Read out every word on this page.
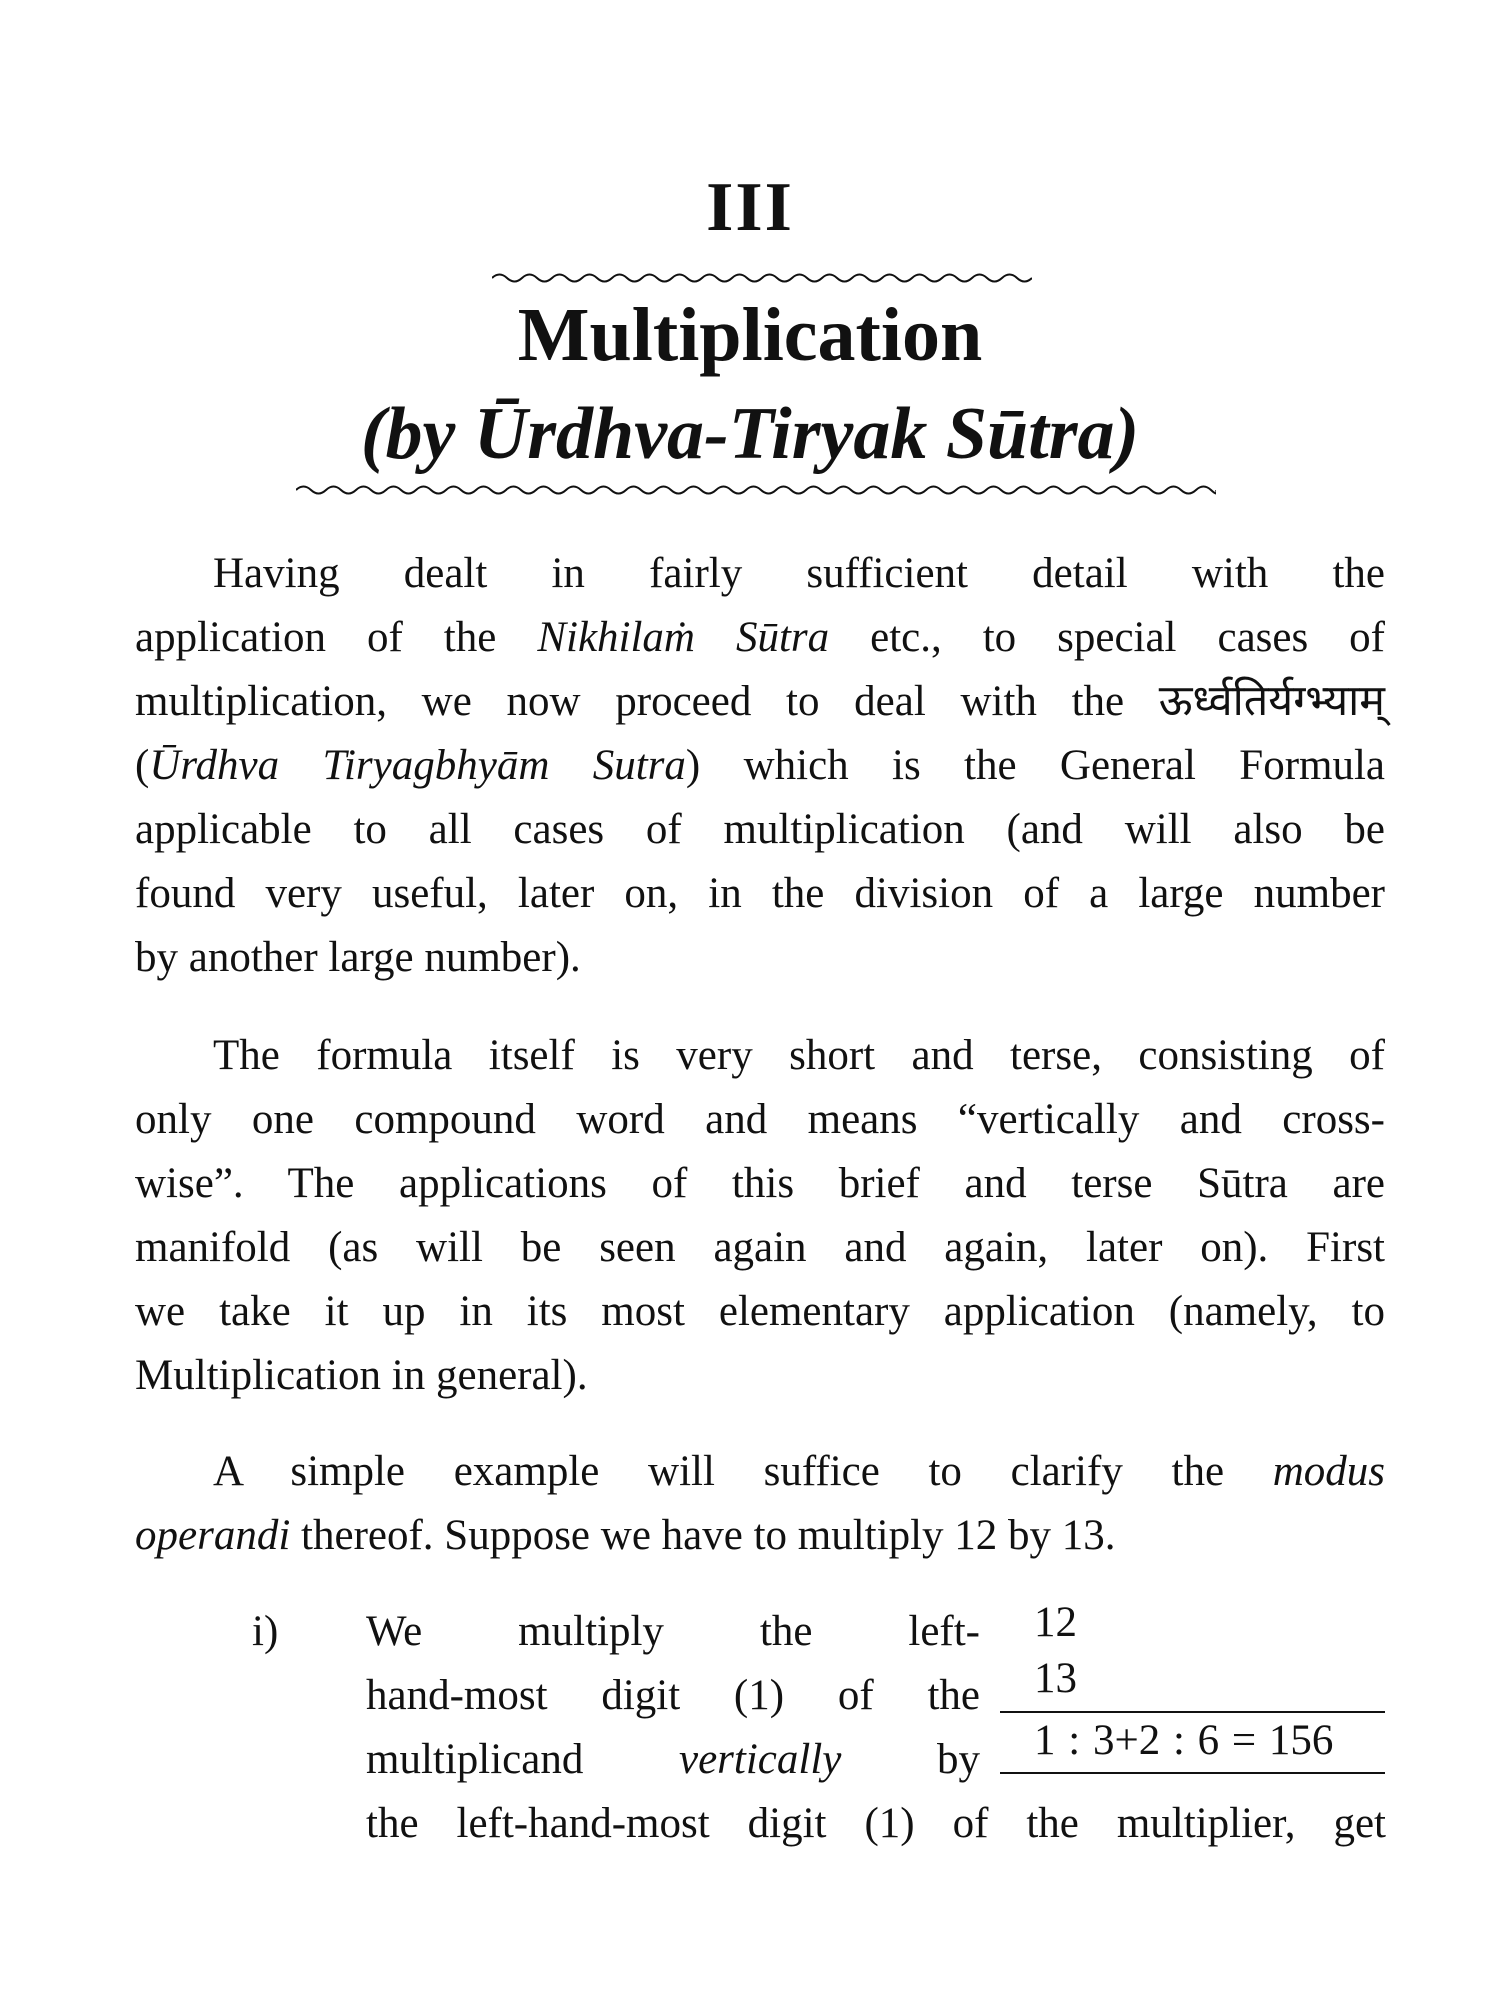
III
Multiplication
(by Ūrdhva-Tiryak Sūtra)
Having dealt in fairly sufficient detail with the
application of the Nikhilaṁ Sūtra etc., to special cases of
multiplication, we now proceed to deal with the ऊर्ध्वतिर्यग्भ्याम्
(Ūrdhva Tiryagbhyām Sutra) which is the General Formula
applicable to all cases of multiplication (and will also be
found very useful, later on, in the division of a large number
by another large number).
The formula itself is very short and terse, consisting of
only one compound word and means “vertically and cross-
wise”. The applications of this brief and terse Sūtra are
manifold (as will be seen again and again, later on). First
we take it up in its most elementary application (namely, to
Multiplication in general).
A simple example will suffice to clarify the modus
operandi thereof. Suppose we have to multiply 12 by 13.
i) We multiply the left-
hand-most digit (1) of the
multiplicand vertically by
the left-hand-most digit (1) of the multiplier, get
12
13
1 : 3+2 : 6 = 156
